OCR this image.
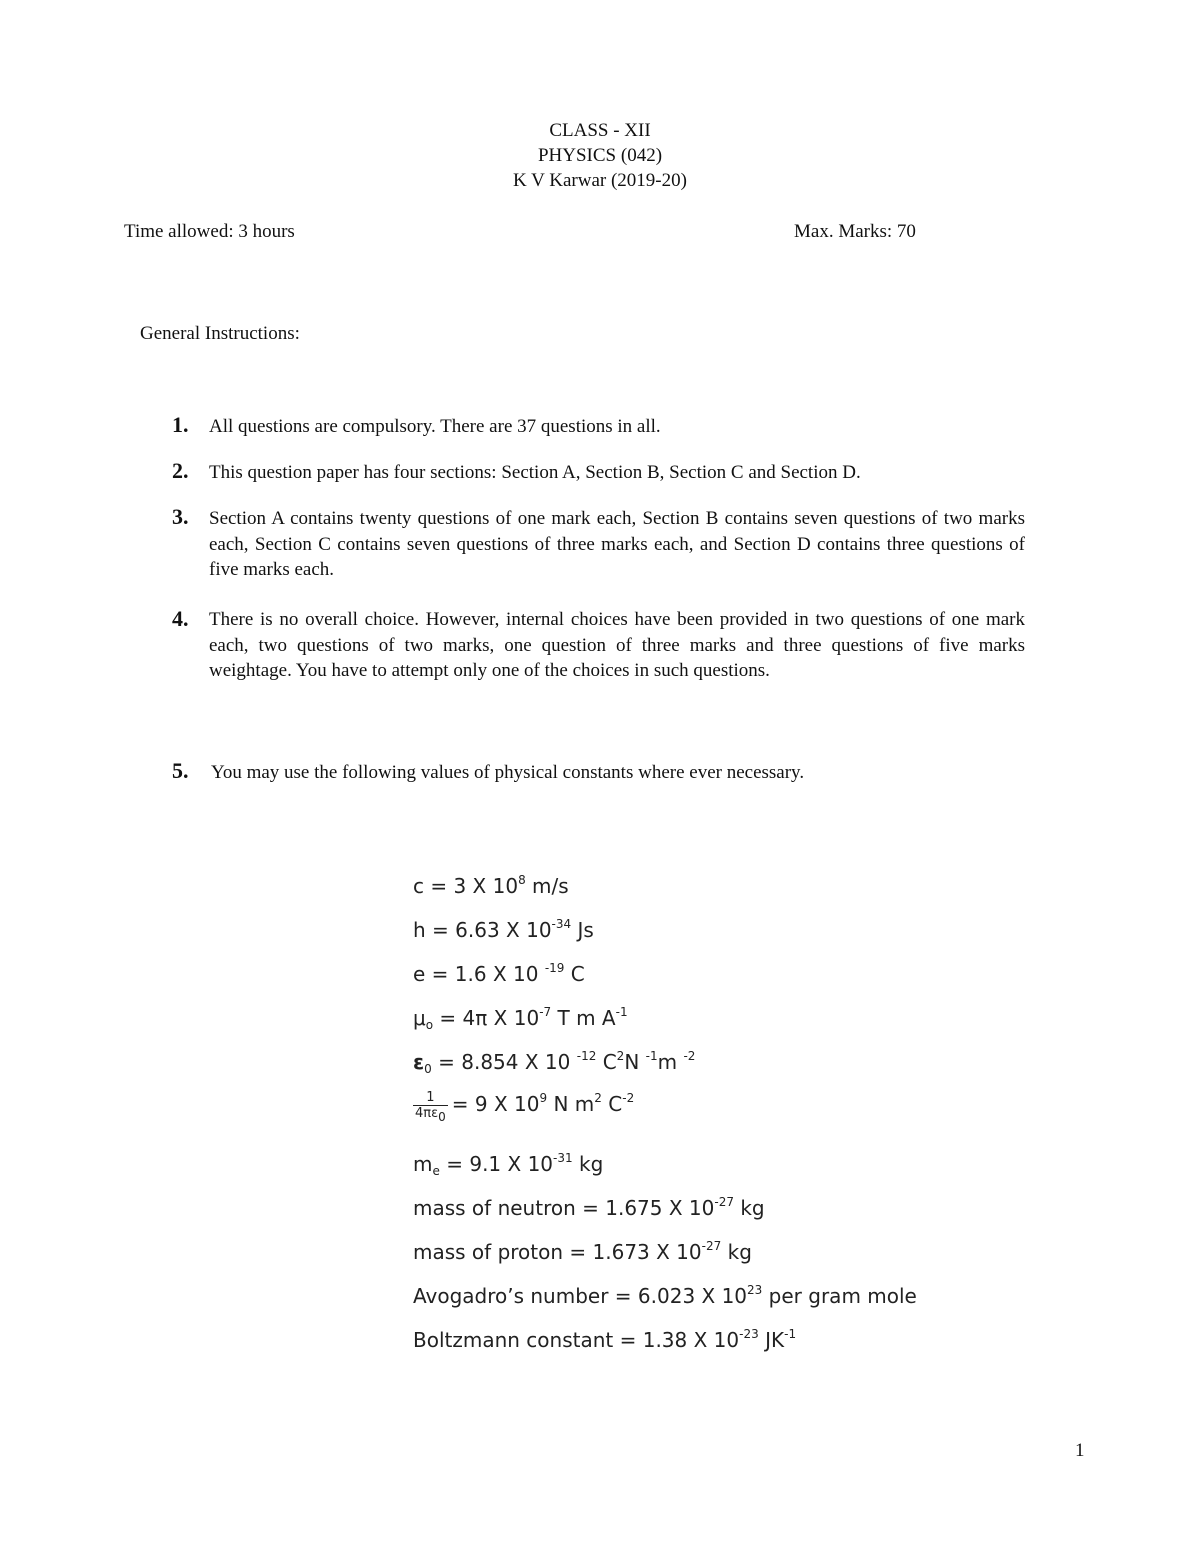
CLASS - XII
PHYSICS (042)
K V Karwar (2019-20)
Time allowed: 3 hours	Max. Marks: 70
General Instructions:
1. All questions are compulsory. There are 37 questions in all.
2. This question paper has four sections: Section A, Section B, Section C and Section D.
3. Section A contains twenty questions of one mark each, Section B contains seven questions of two marks each, Section C contains seven questions of three marks each, and Section D contains three questions of five marks each.
4. There is no overall choice. However, internal choices have been provided in two questions of one mark each, two questions of two marks, one question of three marks and three questions of five marks weightage. You have to attempt only one of the choices in such questions.
5. You may use the following values of physical constants where ever necessary.
c = 3 X $10^8$ m/s
h = 6.63 X $10^{-34}$ Js
e = 1.6 X 10 $^{-19}$ C
$\mu_o = 4\pi$ X $10^{-7}$ T m $A^{-1}$
$\varepsilon_0 = 8.854$ X 10 $^{-12}$ $C^2N$ $^{-1}$m $^{-2}$
$\frac{1}{4\pi\varepsilon_0} = 9$ X $10^9$ N $m^2$ $C^{-2}$
$m_e = 9.1$ X $10^{-31}$ kg
mass of neutron = 1.675 X $10^{-27}$ kg
mass of proton = 1.673 X $10^{-27}$ kg
Avogadro’s number = 6.023 X $10^{23}$ per gram mole
Boltzmann constant = 1.38 X $10^{-23}$ $JK^{-1}$
1
